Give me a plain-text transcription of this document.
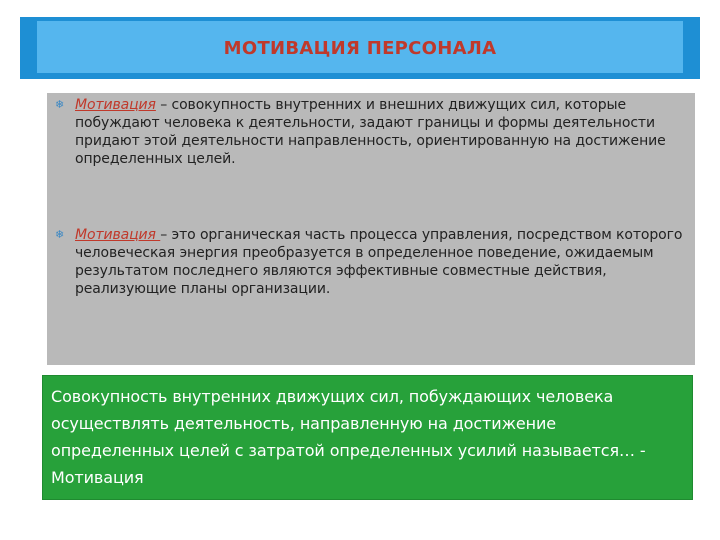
МОТИВАЦИЯ ПЕРСОНАЛА
❄ Мотивация – совокупность внутренних и внешних движущих сил, которые побуждают человека к деятельности, задают границы и формы деятельности придают этой деятельности направленность, ориентированную на достижение определенных целей.
❄ Мотивация – это органическая часть процесса управления, посредством которого человеческая энергия преобразуется в определенное поведение, ожидаемым результатом последнего являются эффективные совместные действия, реализующие планы организации.
Совокупность внутренних движущих сил, побуждающих человека осуществлять деятельность, направленную на достижение определенных целей с затратой определенных усилий называется… - Мотивация
